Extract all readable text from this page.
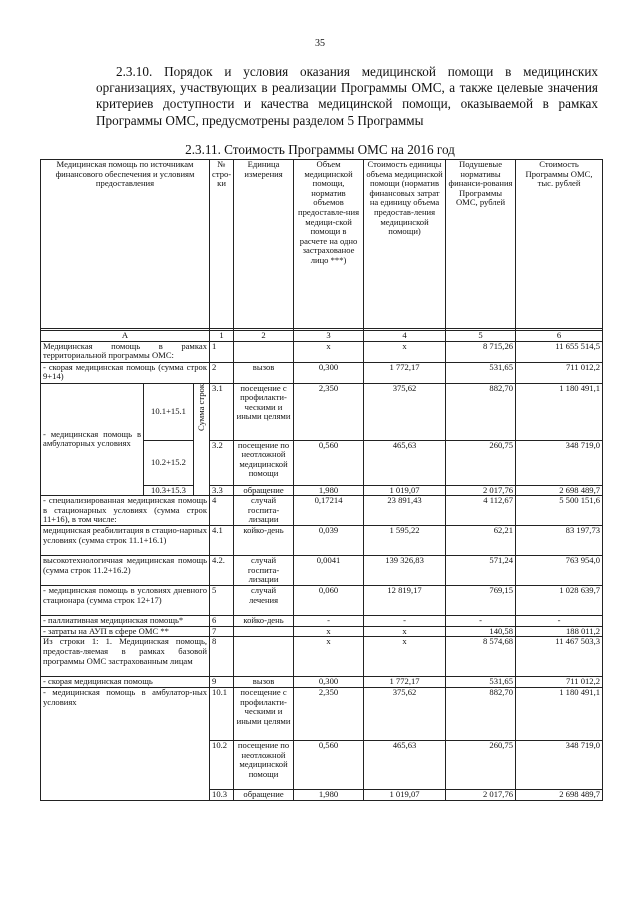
35

2.3.10. Порядок и условия оказания медицинской помощи в медицинских организациях, участвующих в реализации Программы ОМС, а также целевые значения критериев доступности и качества медицинской помощи, оказываемой в рамках Программы ОМС, предусмотрены разделом 5 Программы

2.3.11. Стоимость Программы ОМС на 2016 год
Медицинская помощь по источникам финансового обеспечения и условиям предоставления			№ стро-ки	Единица измерения	Объем медицинской помощи, норматив объемов предоставле-ния медици-ской помощи в расчете на одно застрахованое лицо ***)	Стоимость единицы объема медицинской помощи (норматив финансовых затрат на единицу объема предостав-ления медицинской помощи)	Подушевые нормативы финанси-рования Программы ОМС, рублей	Стоимость Программы ОМС, тыс. рублей

А			1	2	3	4	5	6
Медицинская помощь в рамках территориальной программы ОМС:			1		х	х	8 715,26	11 655 514,5
- скорая медицинская помощь (сумма строк 9+14)			2	вызов	0,300	1 772,17	531,65	711 012,2
- медицинская помощь в амбулаторных условиях	10.1+15.1	Сумма строк	3.1	посещение с профилакти-ческими и иными целями	2,350	375,62	882,70	1 180 491,1
	10.2+15.2		3.2	посещение по неотложной медицинской помощи	0,560	465,63	260,75	348 719,0
	10.3+15.3		3.3	обращение	1,980	1 019,07	2 017,76	2 698 489,7
- специализированная медицинская помощь в стационарных условиях (сумма строк 11+16), в том числе:			4	случай госпита-лизации	0,17214	23 891,43	4 112,67	5 500 151,6
медицинская реабилитация в стацио-нарных условиях (сумма строк 11.1+16.1)			4.1	койко-день	0,039	1 595,22	62,21	83 197,73
высокотехнологичная медицинская помощь (сумма строк 11.2+16.2)			4.2.	случай госпита-лизации	0,0041	139 326,83	571,24	763 954,0
- медицинская помощь в условиях дневного стационара (сумма строк 12+17)			5	случай лечения	0,060	12 819,17	769,15	1 028 639,7
- паллиативная медицинская помощь*			6	койко-день	-	-	-	-
- затраты на АУП в сфере ОМС **			7		х	х	140,58	188 011,2
Из строки 1: 1. Медицинская помощь, предостав-ляемая в рамках базовой программы ОМС застрахованным лицам			8		х	х	8 574,68	11 467 503,3
- скорая медицинская помощь			9	вызов	0,300	1 772,17	531,65	711 012,2
- медицинская помощь в амбулатор-ных условиях			10.1	посещение с профилакти-ческими и иными целями	2,350	375,62	882,70	1 180 491,1
			10.2	посещение по неотложной медицинской помощи	0,560	465,63	260,75	348 719,0
			10.3	обращение	1,980	1 019,07	2 017,76	2 698 489,7
